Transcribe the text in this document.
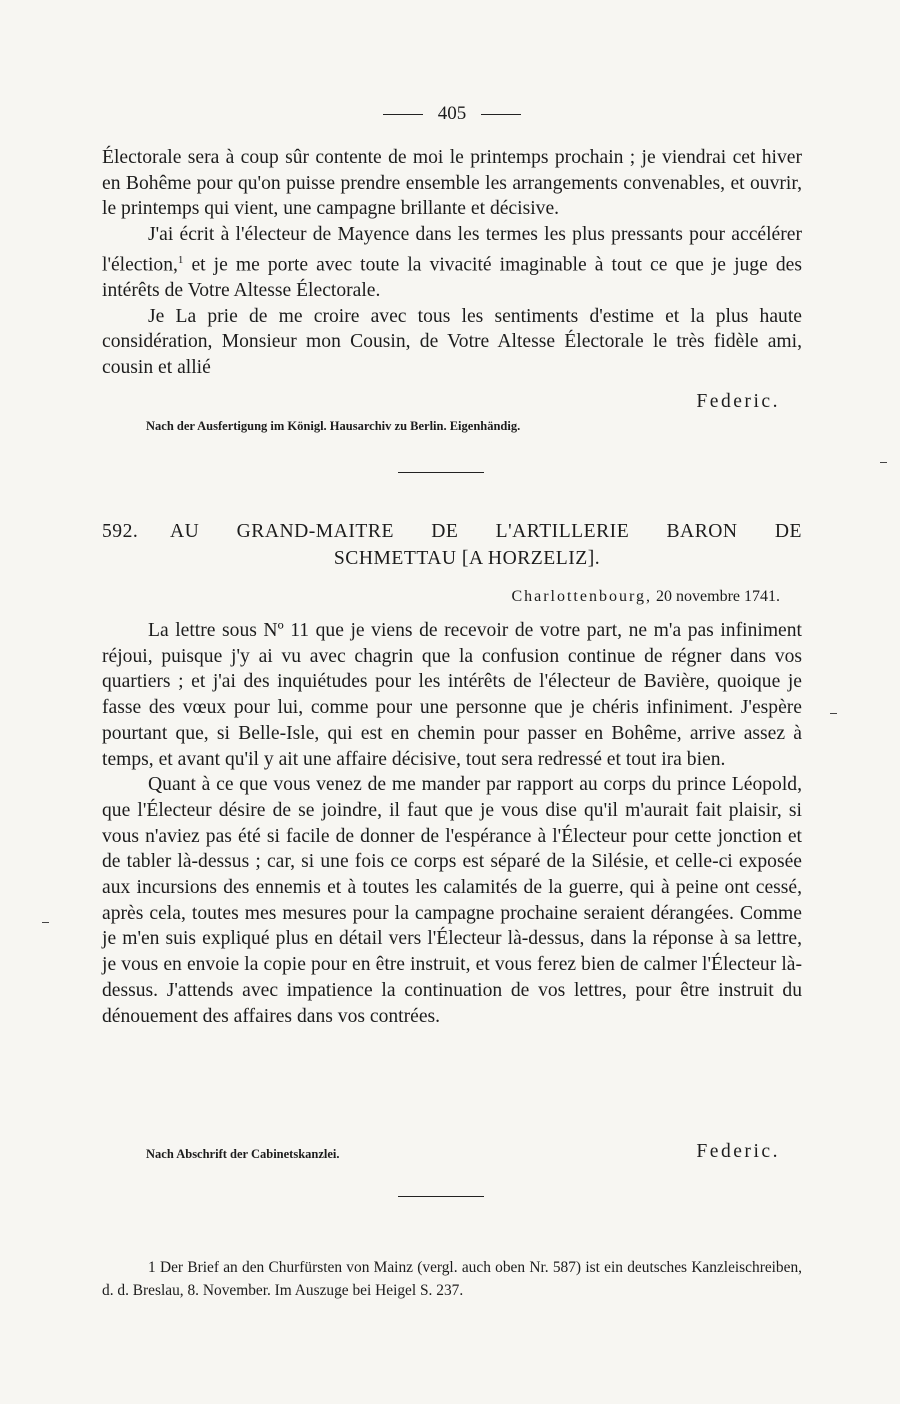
405

Électorale sera à coup sûr contente de moi le printemps prochain ; je viendrai cet hiver en Bohême pour qu'on puisse prendre ensemble les arrangements convenables, et ouvrir, le printemps qui vient, une campagne brillante et décisive.

J'ai écrit à l'électeur de Mayence dans les termes les plus pressants pour accélérer l'élection,$^1$ et je me porte avec toute la vivacité imaginable à tout ce que je juge des intérêts de Votre Altesse Électorale.

Je La prie de me croire avec tous les sentiments d'estime et la plus haute considération, Monsieur mon Cousin, de Votre Altesse Électorale le très fidèle ami, cousin et allié

Federic.
Nach der Ausfertigung im Königl. Hausarchiv zu Berlin. Eigenhändig.
592. AU GRAND-MAITRE DE L'ARTILLERIE BARON DE
SCHMETTAU [A HORZELIZ].
Charlottenbourg, 20 novembre 1741.

La lettre sous Nº 11 que je viens de recevoir de votre part, ne m'a pas infiniment réjoui, puisque j'y ai vu avec chagrin que la confusion continue de régner dans vos quartiers ; et j'ai des inquiétudes pour les intérêts de l'électeur de Bavière, quoique je fasse des vœux pour lui, comme pour une personne que je chéris infiniment. J'espère pourtant que, si Belle-Isle, qui est en chemin pour passer en Bohême, arrive assez à temps, et avant qu'il y ait une affaire décisive, tout sera redressé et tout ira bien.

Quant à ce que vous venez de me mander par rapport au corps du prince Léopold, que l'Électeur désire de se joindre, il faut que je vous dise qu'il m'aurait fait plaisir, si vous n'aviez pas été si facile de donner de l'espérance à l'Électeur pour cette jonction et de tabler là-dessus ; car, si une fois ce corps est séparé de la Silésie, et celle-ci exposée aux incursions des ennemis et à toutes les calamités de la guerre, qui à peine ont cessé, après cela, toutes mes mesures pour la campagne prochaine seraient dérangées. Comme je m'en suis expliqué plus en détail vers l'Électeur là-dessus, dans la réponse à sa lettre, je vous en envoie la copie pour en être instruit, et vous ferez bien de calmer l'Électeur là-dessus. J'attends avec impatience la continuation de vos lettres, pour être instruit du dénouement des affaires dans vos contrées.

Nach Abschrift der Cabinetskanzlei.	Federic.

1 Der Brief an den Churfürsten von Mainz (vergl. auch oben Nr. 587) ist ein deutsches Kanzleischreiben, d. d. Breslau, 8. November. Im Auszuge bei Heigel S. 237.
